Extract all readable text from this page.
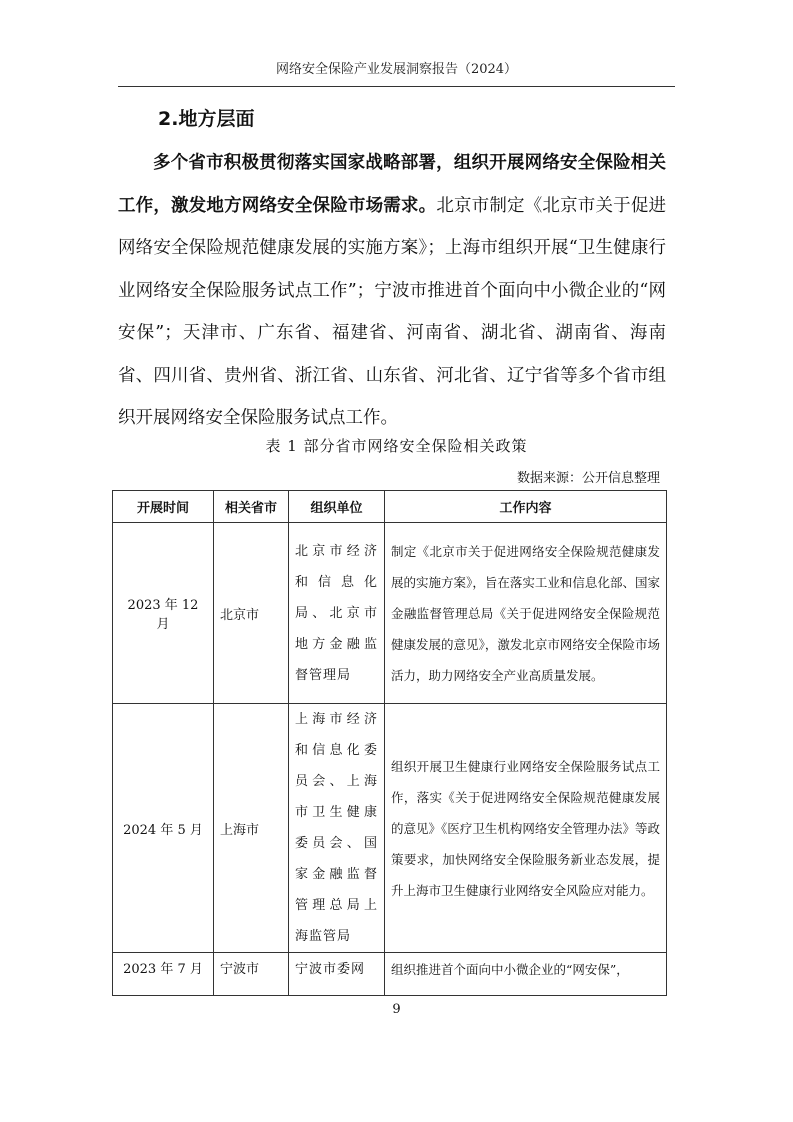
网络安全保险产业发展洞察报告（2024）
2.地方层面

多个省市积极贯彻落实国家战略部署，组织开展网络安全保险相关工作，激发地方网络安全保险市场需求。北京市制定《北京市关于促进网络安全保险规范健康发展的实施方案》；上海市组织开展“卫生健康行业网络安全保险服务试点工作”；宁波市推进首个面向中小微企业的“网安保”；天津市、广东省、福建省、河南省、湖北省、湖南省、海南省、四川省、贵州省、浙江省、山东省、河北省、辽宁省等多个省市组织开展网络安全保险服务试点工作。

表 1 部分省市网络安全保险相关政策
数据来源：公开信息整理
开展时间	相关省市	组织单位	工作内容
2023 年 12 月	北京市	北京市经济和信息化局、北京市地方金融监督管理局	制定《北京市关于促进网络安全保险规范健康发展的实施方案》，旨在落实工业和信息化部、国家金融监督管理总局《关于促进网络安全保险规范健康发展的意见》，激发北京市网络安全保险市场活力，助力网络安全产业高质量发展。
2024 年 5 月	上海市	上海市经济和信息化委员会、上海市卫生健康委员会、国家金融监督管理总局上海监管局	组织开展卫生健康行业网络安全保险服务试点工作，落实《关于促进网络安全保险规范健康发展的意见》《医疗卫生机构网络安全管理办法》等政策要求，加快网络安全保险服务新业态发展，提升上海市卫生健康行业网络安全风险应对能力。
2023 年 7 月	宁波市	宁波市委网	组织推进首个面向中小微企业的“网安保”，
9
